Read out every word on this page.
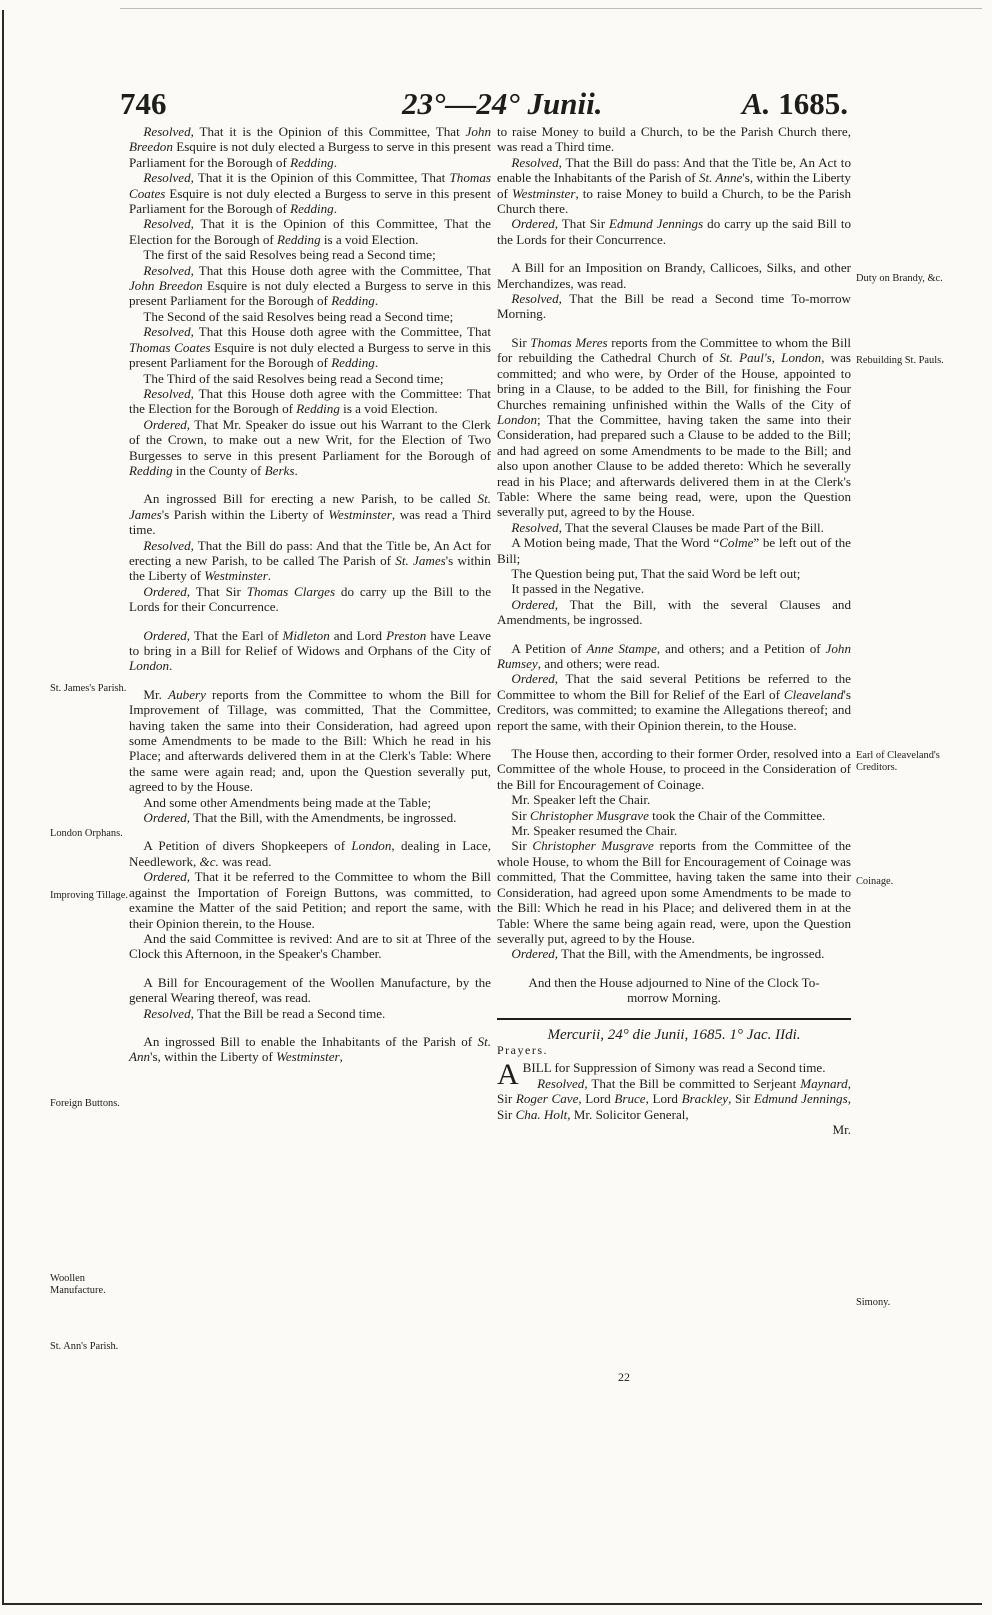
746	23°—24° Junii.	A. 1685.

Resolved, That it is the Opinion of this Committee, That John Breedon Esquire is not duly elected a Burgess to serve in this present Parliament for the Borough of Redding.

Resolved, That it is the Opinion of this Committee, That Thomas Coates Esquire is not duly elected a Burgess to serve in this present Parliament for the Borough of Redding.

Resolved, That it is the Opinion of this Committee, That the Election for the Borough of Redding is a void Election.

The first of the said Resolves being read a Second time;

Resolved, That this House doth agree with the Committee, That John Breedon Esquire is not duly elected a Burgess to serve in this present Parliament for the Borough of Redding.

The Second of the said Resolves being read a Second time;

Resolved, That this House doth agree with the Committee, That Thomas Coates Esquire is not duly elected a Burgess to serve in this present Parliament for the Borough of Redding.

The Third of the said Resolves being read a Second time;

Resolved, That this House doth agree with the Committee: That the Election for the Borough of Redding is a void Election.

Ordered, That Mr. Speaker do issue out his Warrant to the Clerk of the Crown, to make out a new Writ, for the Election of Two Burgesses to serve in this present Parliament for the Borough of Redding in the County of Berks.

An ingrossed Bill for erecting a new Parish, to be called St. James's Parish within the Liberty of Westminster, was read a Third time.

Resolved, That the Bill do pass: And that the Title be, An Act for erecting a new Parish, to be called The Parish of St. James's within the Liberty of Westminster.

Ordered, That Sir Thomas Clarges do carry up the Bill to the Lords for their Concurrence.

Ordered, That the Earl of Midleton and Lord Preston have Leave to bring in a Bill for Relief of Widows and Orphans of the City of London.

Mr. Aubery reports from the Committee to whom the Bill for Improvement of Tillage, was committed, That the Committee, having taken the same into their Consideration, had agreed upon some Amendments to be made to the Bill: Which he read in his Place; and afterwards delivered them in at the Clerk's Table: Where the same were again read; and, upon the Question severally put, agreed to by the House.

And some other Amendments being made at the Table;

Ordered, That the Bill, with the Amendments, be ingrossed.

A Petition of divers Shopkeepers of London, dealing in Lace, Needlework, &c. was read.

Ordered, That it be referred to the Committee to whom the Bill against the Importation of Foreign Buttons, was committed, to examine the Matter of the said Petition; and report the same, with their Opinion therein, to the House.

And the said Committee is revived: And are to sit at Three of the Clock this Afternoon, in the Speaker's Chamber.

A Bill for Encouragement of the Woollen Manufacture, by the general Wearing thereof, was read.

Resolved, That the Bill be read a Second time.

An ingrossed Bill to enable the Inhabitants of the Parish of St. Ann's, within the Liberty of Westminster,

to raise Money to build a Church, to be the Parish Church there, was read a Third time.

Resolved, That the Bill do pass: And that the Title be, An Act to enable the Inhabitants of the Parish of St. Anne's, within the Liberty of Westminster, to raise Money to build a Church, to be the Parish Church there.

Ordered, That Sir Edmund Jennings do carry up the said Bill to the Lords for their Concurrence.

A Bill for an Imposition on Brandy, Callicoes, Silks, and other Merchandizes, was read.

Resolved, That the Bill be read a Second time To-morrow Morning.

Sir Thomas Meres reports from the Committee to whom the Bill for rebuilding the Cathedral Church of St. Paul's, London, was committed; and who were, by Order of the House, appointed to bring in a Clause, to be added to the Bill, for finishing the Four Churches remaining unfinished within the Walls of the City of London; That the Committee, having taken the same into their Consideration, had prepared such a Clause to be added to the Bill; and had agreed on some Amendments to be made to the Bill; and also upon another Clause to be added thereto: Which he severally read in his Place; and afterwards delivered them in at the Clerk's Table: Where the same being read, were, upon the Question severally put, agreed to by the House.

Resolved, That the several Clauses be made Part of the Bill.

A Motion being made, That the Word “Colme” be left out of the Bill;

The Question being put, That the said Word be left out;

It passed in the Negative.

Ordered, That the Bill, with the several Clauses and Amendments, be ingrossed.

A Petition of Anne Stampe, and others; and a Petition of John Rumsey, and others; were read.

Ordered, That the said several Petitions be referred to the Committee to whom the Bill for Relief of the Earl of Cleaveland's Creditors, was committed; to examine the Allegations thereof; and report the same, with their Opinion therein, to the House.

The House then, according to their former Order, resolved into a Committee of the whole House, to proceed in the Consideration of the Bill for Encouragement of Coinage.

Mr. Speaker left the Chair.

Sir Christopher Musgrave took the Chair of the Committee.

Mr. Speaker resumed the Chair.

Sir Christopher Musgrave reports from the Committee of the whole House, to whom the Bill for Encouragement of Coinage was committed, That the Committee, having taken the same into their Consideration, had agreed upon some Amendments to be made to the Bill: Which he read in his Place; and delivered them in at the Table: Where the same being again read, were, upon the Question severally put, agreed to by the House.

Ordered, That the Bill, with the Amendments, be ingrossed.

And then the House adjourned to Nine of the Clock To-morrow Morning.

Mercurii, 24° die Junii, 1685. 1° Jac. IIdi.

Prayers.

A BILL for Suppression of Simony was read a Second time.

Resolved, That the Bill be committed to Serjeant Maynard, Sir Roger Cave, Lord Bruce, Lord Brackley, Sir Edmund Jennings, Sir Cha. Holt, Mr. Solicitor General,

Mr.

22
St. James's Parish.
London Orphans.
Improving Tillage.
Foreign Buttons.
Woollen Manufacture.
St. Ann's Parish.
Duty on Brandy, &c.
Rebuilding St. Pauls.
Earl of Cleaveland's Creditors.
Coinage.
Simony.
